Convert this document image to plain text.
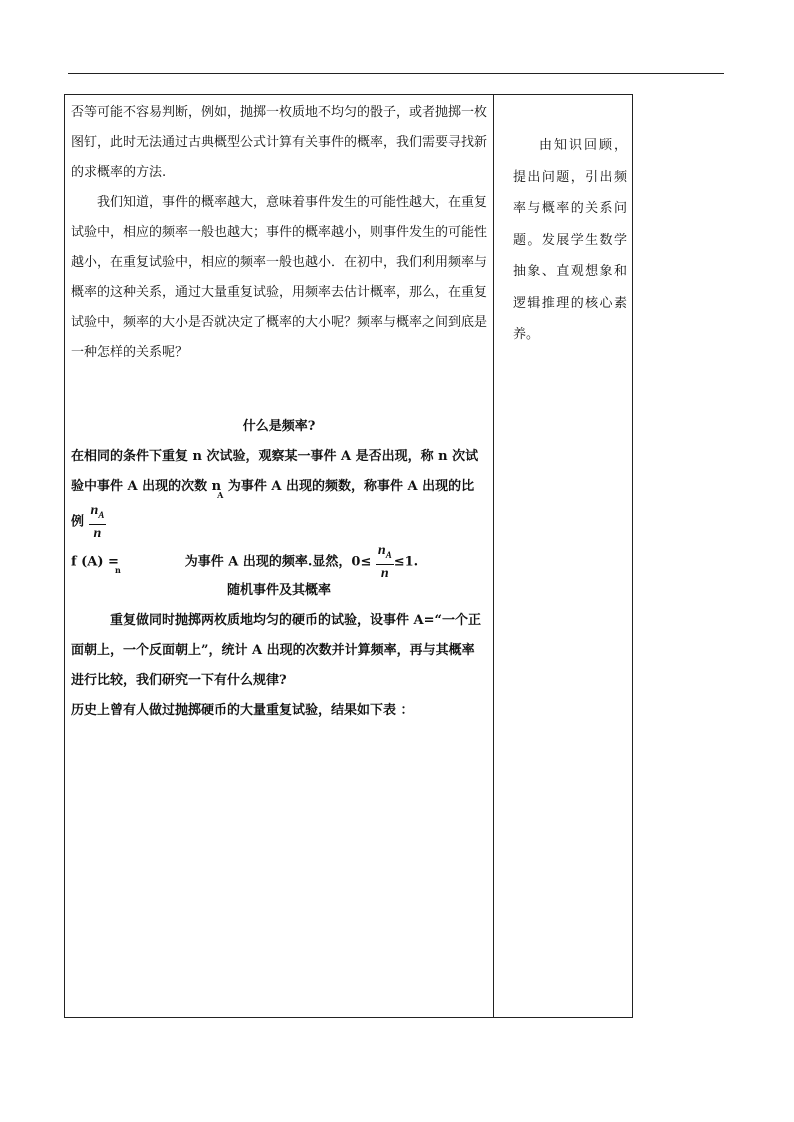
否等可能不容易判断，例如，抛掷一枚质地不均匀的骰子，或者抛掷一枚图钉，此时无法通过古典概型公式计算有关事件的概率，我们需要寻找新的求概率的方法.

我们知道，事件的概率越大，意味着事件发生的可能性越大，在重复试验中，相应的频率一般也越大；事件的概率越小，则事件发生的可能性越小，在重复试验中，相应的频率一般也越小．在初中，我们利用频率与概率的这种关系，通过大量重复试验，用频率去估计概率，那么，在重复试验中，频率的大小是否就决定了概率的大小呢？频率与概率之间到底是一种怎样的关系呢？

什么是频率?

在相同的条件下重复 n 次试验，观察某一事件 A 是否出现，称 n 次试验中事件 A 出现的次数 $n_A$ 为事件 A 出现的频数，称事件 A 出现的比例 $\frac{n_A}{n}$

f $(A) =_n$为事件 A 出现的频率.显然，$0\le \frac{n_A}{n} \le 1$.

随机事件及其概率

重复做同时抛掷两枚质地均匀的硬币的试验，设事件 A=“一个正面朝上，一个反面朝上”，统计 A 出现的次数并计算频率，再与其概率进行比较，我们研究一下有什么规律?

历史上曾有人做过抛掷硬币的大量重复试验，结果如下表 ：

由知识回顾，提出问题，引出频率与概率的关系问题。发展学生数学抽象、直观想象和逻辑推理的核心素养。
